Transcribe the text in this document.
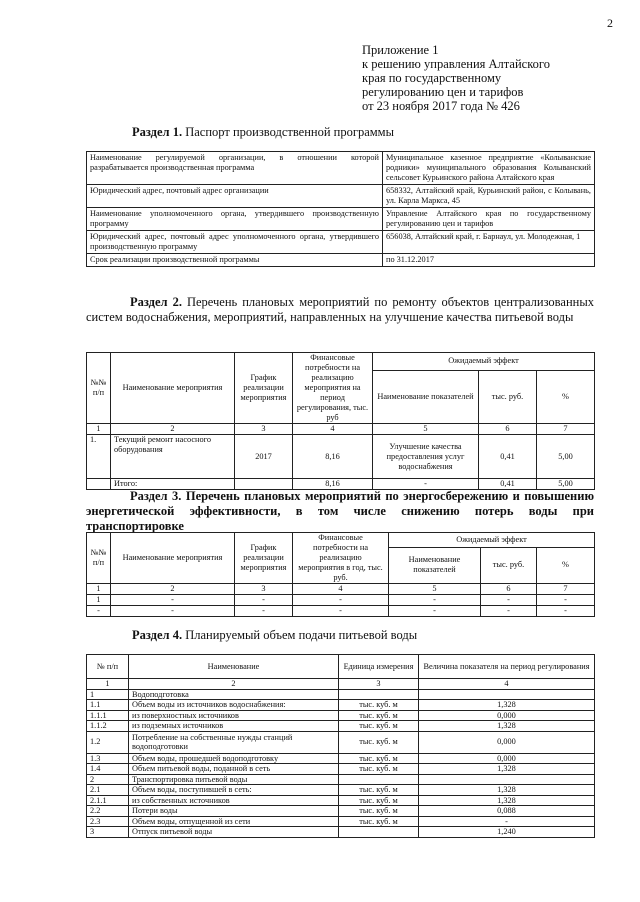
2
Приложение 1
к решению управления Алтайского
края по государственному
регулированию цен и тарифов
от 23 ноября 2017 года № 426
Раздел 1. Паспорт производственной программы
Наименование регулируемой организации, в отношении которой разрабатывается производственная программа	Муниципальное казенное предприятие «Колыванские родники» муниципального образования Колыванский сельсовет Курьинского района Алтайского края
Юридический адрес, почтовый адрес организации	658332, Алтайский край, Курьинский район, с Колывань, ул. Карла Маркса, 45
Наименование уполномоченного органа, утвердившего производственную программу	Управление Алтайского края по государственному регулированию цен и тарифов
Юридический адрес, почтовый адрес уполномоченного органа, утвердившего производственную программу	656038, Алтайский край, г. Барнаул, ул. Молодежная, 1
Срок реализации производственной программы	по 31.12.2017
Раздел 2. Перечень плановых мероприятий по ремонту объектов централизованных систем водоснабжения, мероприятий, направленных на улучшение качества питьевой воды
№№ п/п	Наименование мероприятия	График реализации мероприятия	Финансовые потребности на реализацию мероприятия на период регулирования, тыс. руб	Ожидаемый эффект		
				Наименование показателей	тыс. руб.	%
1	2	3	4	5	6	7
1.	Текущий ремонт насосного оборудования	2017	8,16	Улучшение качества предоставления услуг водоснабжения	0,41	5,00
	Итого:		8,16	-	0,41	5,00
Раздел 3. Перечень плановых мероприятий по энергосбережению и повышению энергетической эффективности, в том числе снижению потерь воды при транспортировке
№№ п/п	Наименование мероприятия	График реализации мероприятия	Финансовые потребности на реализацию мероприятия в год, тыс. руб.	Ожидаемый эффект		
				Наименование показателей	тыс. руб.	%
1	2	3	4	5	6	7
1	-	-	-	-	-	-
-	-	-	-	-	-	-
Раздел 4. Планируемый объем подачи питьевой воды
№ п/п	Наименование	Единица измерения	Величина показателя на период регулирования
1	2	3	4
1	Водоподготовка		
1.1	Объем воды из источников водоснабжения:	тыс. куб. м	1,328
1.1.1	из поверхностных источников	тыс. куб. м	0,000
1.1.2	из подземных источников	тыс. куб. м	1,328
1.2	Потребление на собственные нужды станций водоподготовки	тыс. куб. м	0,000
1.3	Объем воды, прошедшей водоподготовку	тыс. куб. м	0,000
1.4	Объем питьевой воды, поданной в сеть	тыс. куб. м	1,328
2	Транспортировка питьевой воды		
2.1	Объем воды, поступившей в сеть:	тыс. куб. м	1,328
2.1.1	из собственных источников	тыс. куб. м	1,328
2.2	Потери воды	тыс. куб. м	0,088
2.3	Объем воды, отпущенной из сети	тыс. куб. м	-
3	Отпуск питьевой воды		1,240
